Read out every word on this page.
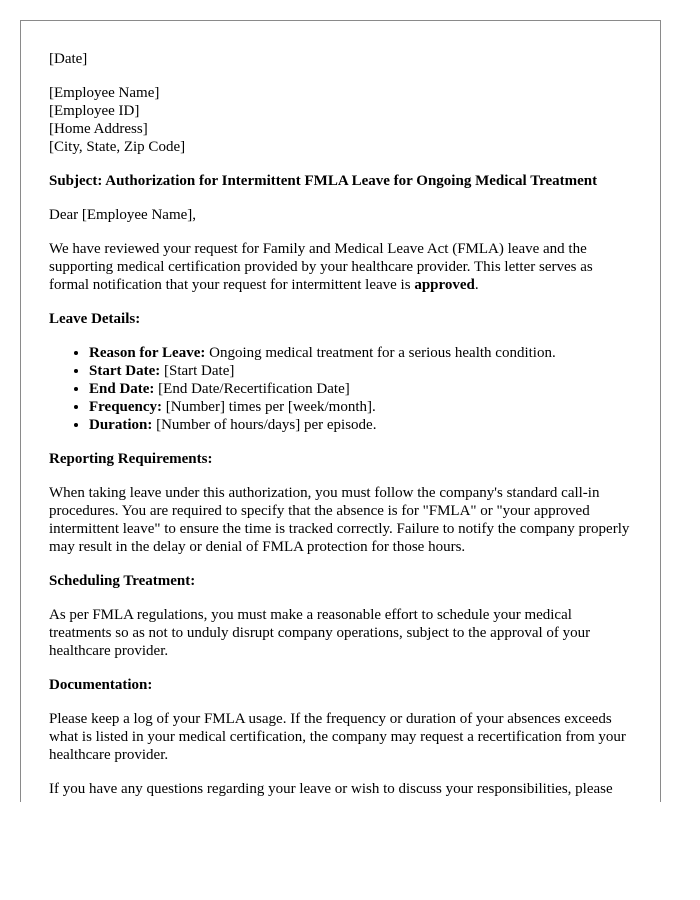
[Date]

[Employee Name]
[Employee ID]
[Home Address]
[City, State, Zip Code]

Subject: Authorization for Intermittent FMLA Leave for Ongoing Medical Treatment

Dear [Employee Name],

We have reviewed your request for Family and Medical Leave Act (FMLA) leave and the supporting medical certification provided by your healthcare provider. This letter serves as formal notification that your request for intermittent leave is approved.

Leave Details:

• Reason for Leave: Ongoing medical treatment for a serious health condition.
• Start Date: [Start Date]
• End Date: [End Date/Recertification Date]
• Frequency: [Number] times per [week/month].
• Duration: [Number of hours/days] per episode.

Reporting Requirements:

When taking leave under this authorization, you must follow the company's standard call-in procedures. You are required to specify that the absence is for "FMLA" or "your approved intermittent leave" to ensure the time is tracked correctly. Failure to notify the company properly may result in the delay or denial of FMLA protection for those hours.

Scheduling Treatment:

As per FMLA regulations, you must make a reasonable effort to schedule your medical treatments so as not to unduly disrupt company operations, subject to the approval of your healthcare provider.

Documentation:

Please keep a log of your FMLA usage. If the frequency or duration of your absences exceeds what is listed in your medical certification, the company may request a recertification from your healthcare provider.

If you have any questions regarding your leave or wish to discuss your responsibilities, please
